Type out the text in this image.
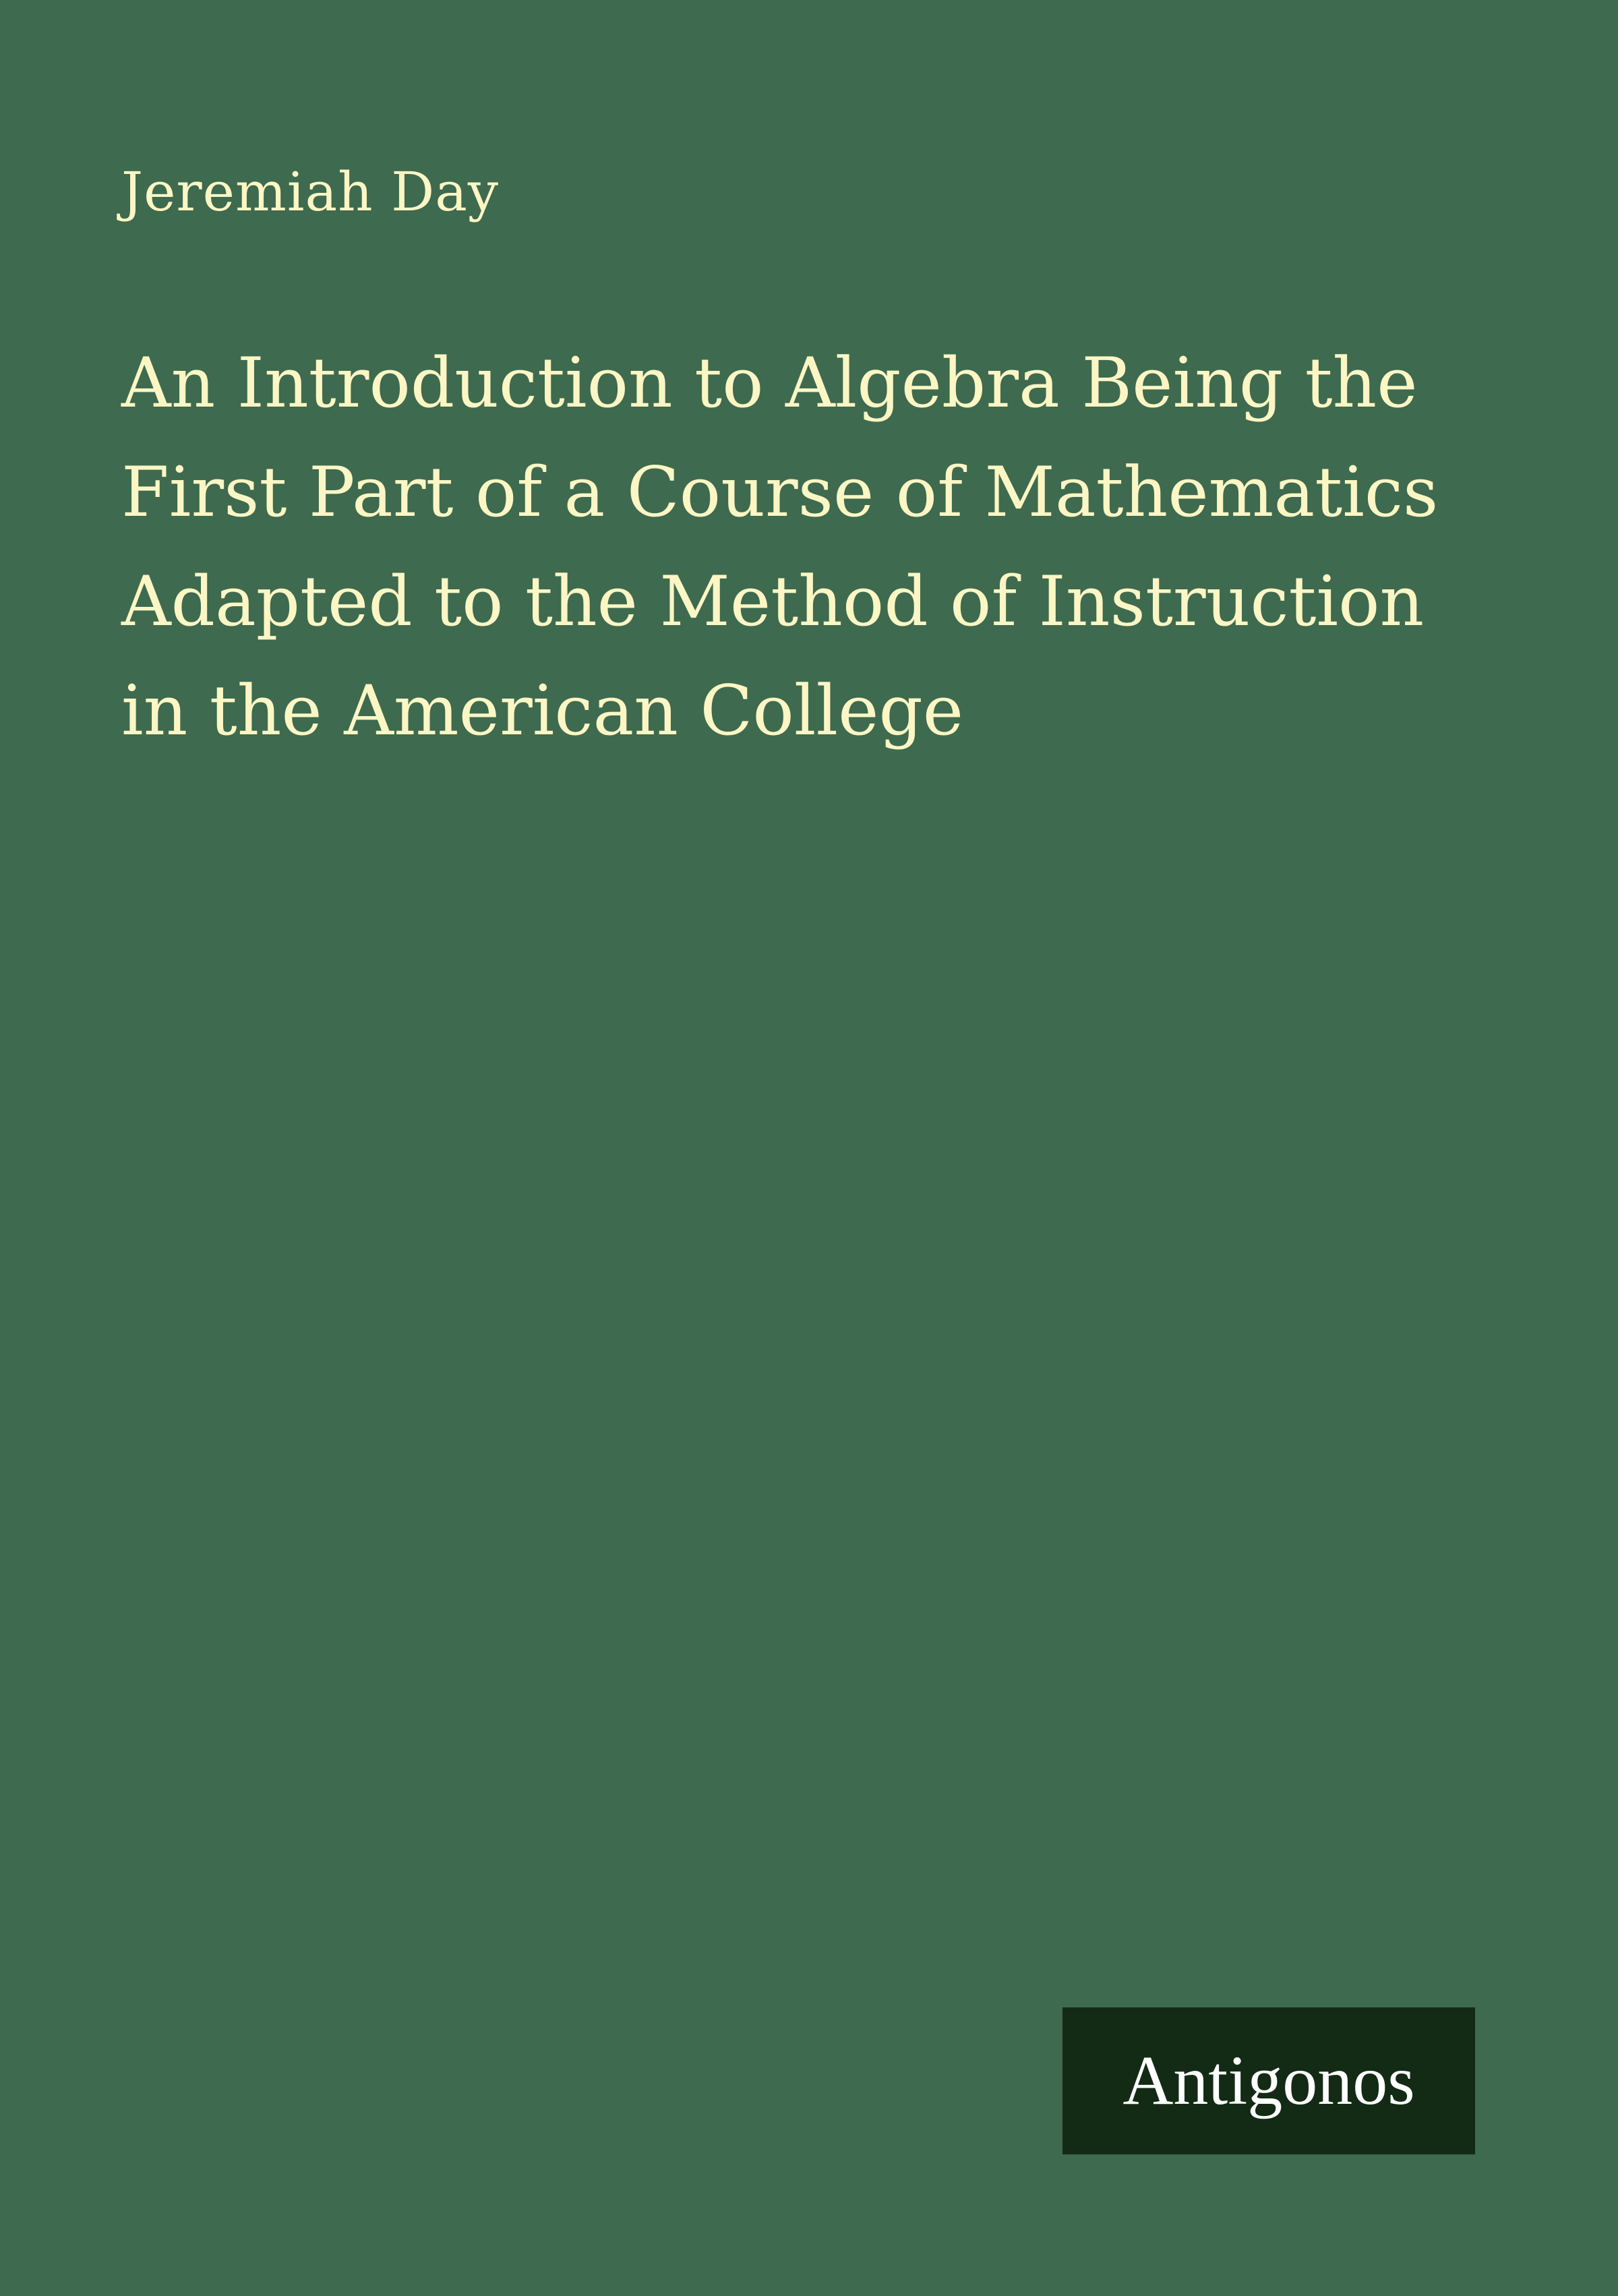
Jeremiah Day
An Introduction to Algebra Being the
First Part of a Course of Mathematics
Adapted to the Method of Instruction
in the American College
Antigonos
